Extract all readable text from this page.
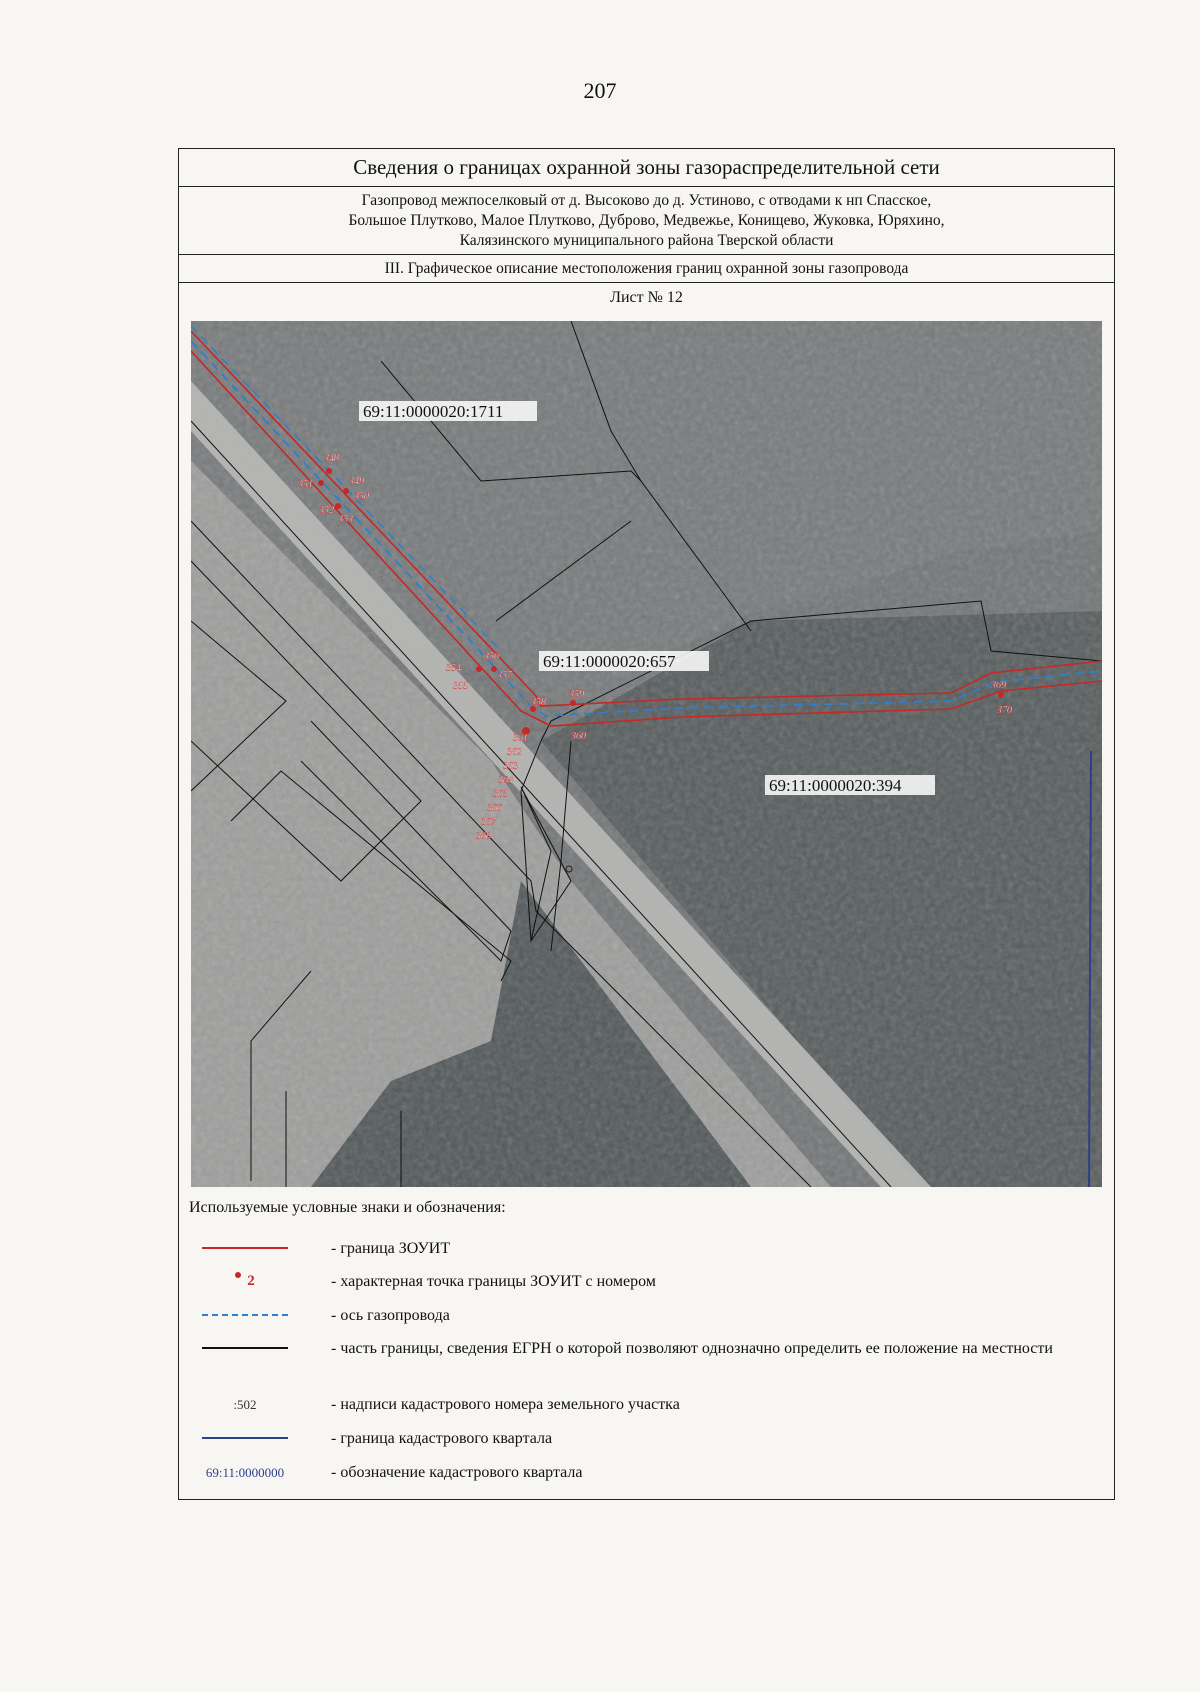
207
Сведения о границах охранной зоны газораспределительной сети
Газопровод межпоселковый от д. Высоково до д. Устиново, с отводами к нп Спасское,
Большое Плутково, Малое Плутково, Дуброво, Медвежье, Конищево, Жуковка, Юряхино,
Калязинского муниципального района Тверской области
III. Графическое описание местоположения границ охранной зоны газопровода
Лист № 12
348
351	349
350
352
353
354
355
356
357
358
359
360
361
362
363
364
365
366
367
368
369
370
69:11:0000020:1711
69:11:0000020:657
69:11:0000020:394
Используемые условные знаки и обозначения:
- граница ЗОУИТ
2	- характерная точка границы ЗОУИТ с номером
- ось газопровода
- часть границы, сведения ЕГРН о которой позволяют однозначно определить ее положение на местности
:502	- надписи кадастрового номера земельного участка
- граница кадастрового квартала
69:11:0000000	- обозначение кадастрового квартала
